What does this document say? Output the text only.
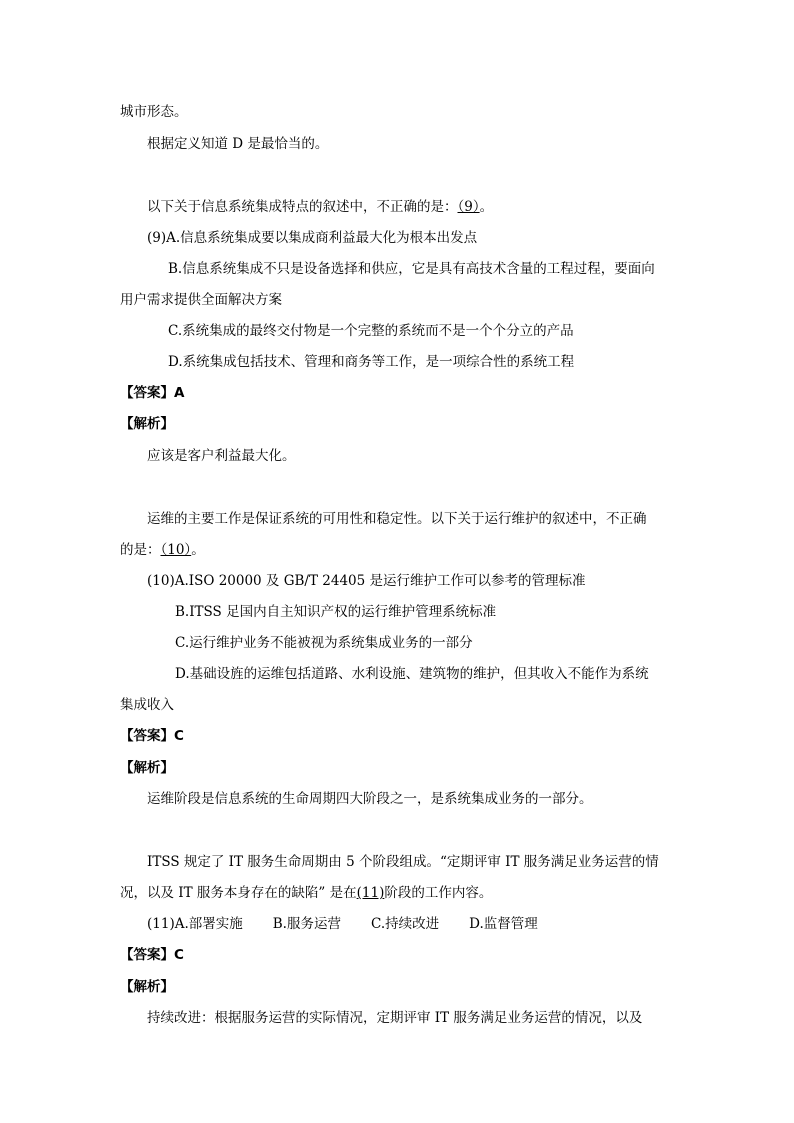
城市形态。
根据定义知道 D 是最恰当的。
以下关于信息系统集成特点的叙述中，不正确的是：（9）。
(9)A.信息系统集成要以集成商利益最大化为根本出发点
B.信息系统集成不只是设备选择和供应，它是具有高技术含量的工程过程，要面向
用户需求提供全面解决方案
C.系统集成的最终交付物是一个完整的系统而不是一个个分立的产品
D.系统集成包括技术、管理和商务等工作，是一项综合性的系统工程
【答案】A
【解析】
应该是客户利益最大化。
运维的主要工作是保证系统的可用性和稳定性。以下关于运行维护的叙述中，不正确
的是：（10）。
(10)A.ISO 20000 及 GB/T 24405 是运行维护工作可以参考的管理标准
B.ITSS 足国内自主知识产权的运行维护管理系统标准
C.运行维护业务不能被视为系统集成业务的一部分
D.基础设旌的运维包括道路、水利设施、建筑物的维护，但其收入不能作为系统
集成收入
【答案】C
【解析】
运维阶段是信息系统的生命周期四大阶段之一，是系统集成业务的一部分。
ITSS 规定了 IT 服务生命周期由 5 个阶段组成。“定期评审 IT 服务满足业务运营的情
况，以及 IT 服务本身存在的缺陷” 是在(11)阶段的工作内容。
(11)A.部署实施 B.服务运营 C.持续改进 D.监督管理
【答案】C
【解析】
持续改进：根据服务运营的实际情况，定期评审 IT 服务满足业务运营的情况，以及
